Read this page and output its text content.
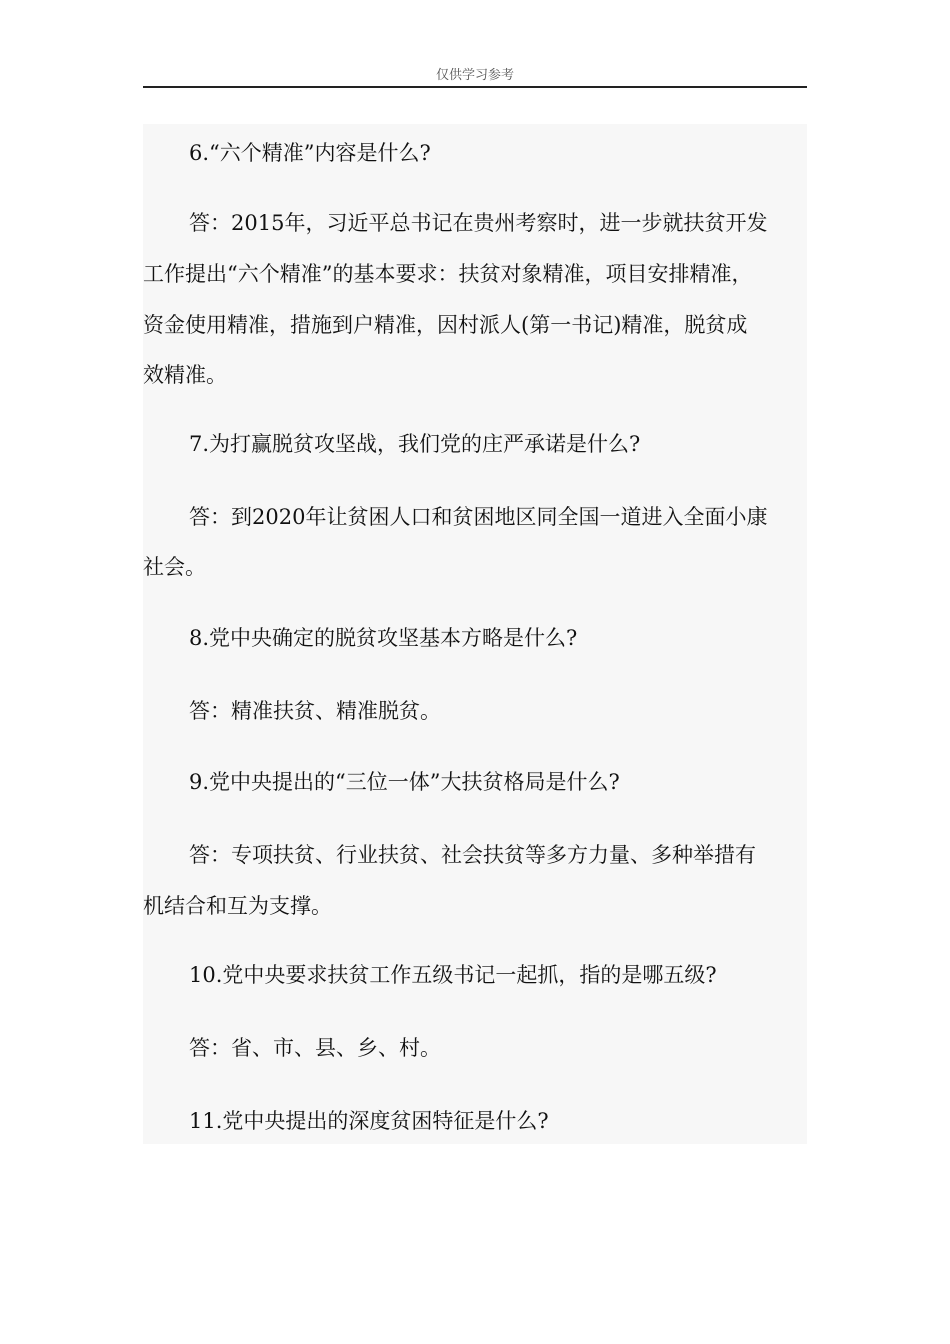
仅供学习参考

6.“六个精准”内容是什么?

答：2015年，习近平总书记在贵州考察时，进一步就扶贫开发

工作提出“六个精准”的基本要求：扶贫对象精准，项目安排精准，

资金使用精准，措施到户精准，因村派人(第一书记)精准，脱贫成

效精准。

7.为打赢脱贫攻坚战，我们党的庄严承诺是什么?

答：到2020年让贫困人口和贫困地区同全国一道进入全面小康

社会。

8.党中央确定的脱贫攻坚基本方略是什么?

答：精准扶贫、精准脱贫。

9.党中央提出的“三位一体”大扶贫格局是什么?

答：专项扶贫、行业扶贫、社会扶贫等多方力量、多种举措有

机结合和互为支撑。

10.党中央要求扶贫工作五级书记一起抓，指的是哪五级?

答：省、市、县、乡、村。

11.党中央提出的深度贫困特征是什么?
